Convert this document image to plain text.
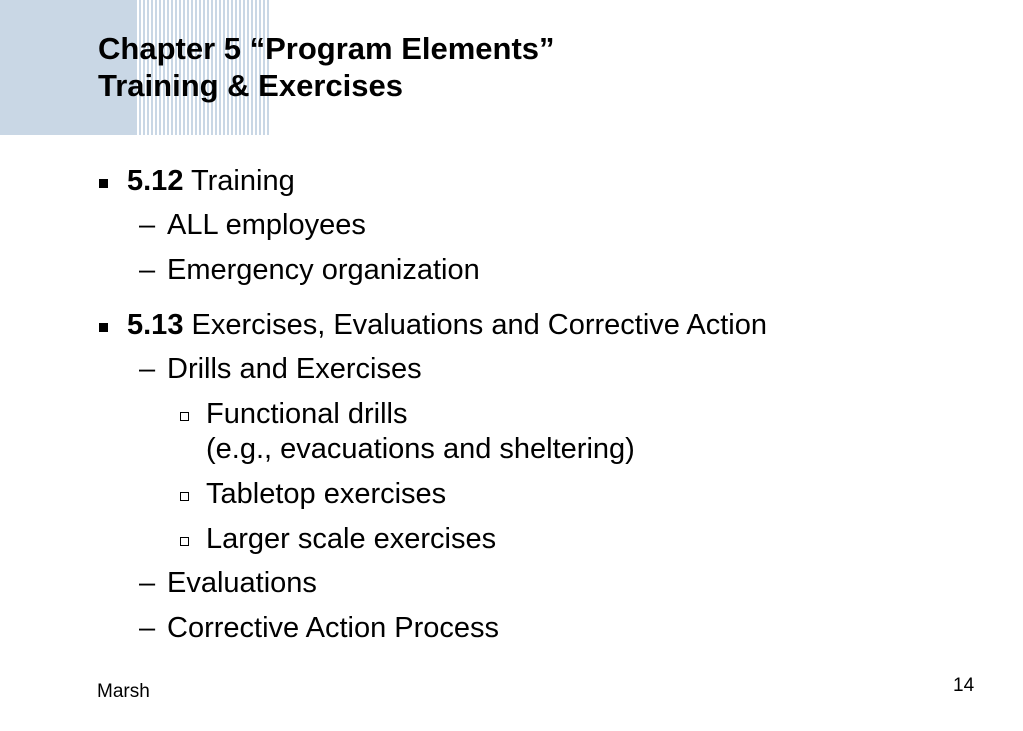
Chapter 5 “Program Elements”
Training & Exercises
5.12 Training
– ALL employees
– Emergency organization
5.13 Exercises, Evaluations and Corrective Action
– Drills and Exercises
Functional drills
(e.g., evacuations and sheltering)
Tabletop exercises
Larger scale exercises
– Evaluations
– Corrective Action Process
Marsh	14
